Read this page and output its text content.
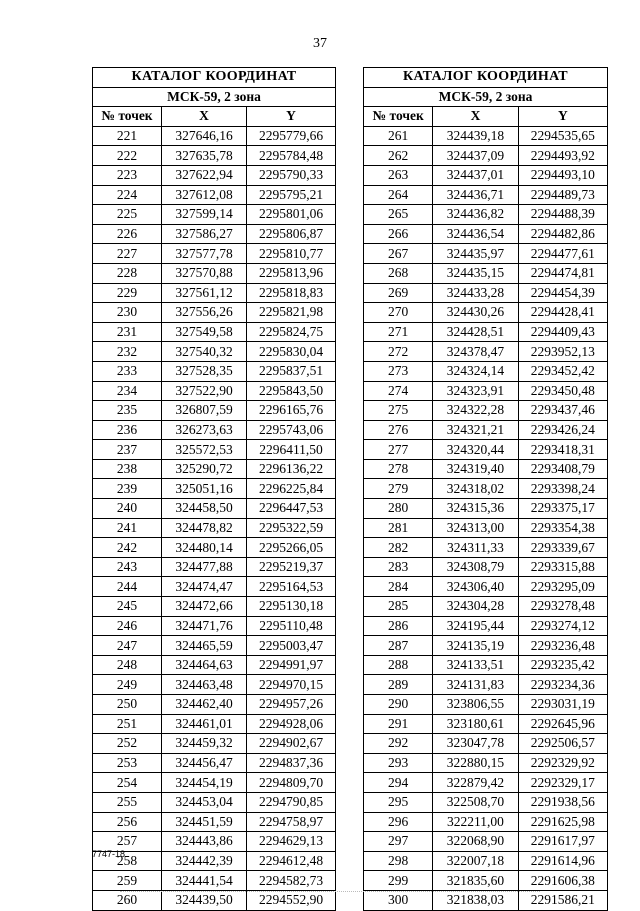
37
КАТАЛОГ КООРДИНАТ		
МСК-59, 2 зона		
№ точек	X	Y
221	327646,16	2295779,66
222	327635,78	2295784,48
223	327622,94	2295790,33
224	327612,08	2295795,21
225	327599,14	2295801,06
226	327586,27	2295806,87
227	327577,78	2295810,77
228	327570,88	2295813,96
229	327561,12	2295818,83
230	327556,26	2295821,98
231	327549,58	2295824,75
232	327540,32	2295830,04
233	327528,35	2295837,51
234	327522,90	2295843,50
235	326807,59	2296165,76
236	326273,63	2295743,06
237	325572,53	2296411,50
238	325290,72	2296136,22
239	325051,16	2296225,84
240	324458,50	2296447,53
241	324478,82	2295322,59
242	324480,14	2295266,05
243	324477,88	2295219,37
244	324474,47	2295164,53
245	324472,66	2295130,18
246	324471,76	2295110,48
247	324465,59	2295003,47
248	324464,63	2294991,97
249	324463,48	2294970,15
250	324462,40	2294957,26
251	324461,01	2294928,06
252	324459,32	2294902,67
253	324456,47	2294837,36
254	324454,19	2294809,70
255	324453,04	2294790,85
256	324451,59	2294758,97
257	324443,86	2294629,13
258	324442,39	2294612,48
259	324441,54	2294582,73
260	324439,50	2294552,90
КАТАЛОГ КООРДИНАТ		
МСК-59, 2 зона		
№ точек	X	Y
261	324439,18	2294535,65
262	324437,09	2294493,92
263	324437,01	2294493,10
264	324436,71	2294489,73
265	324436,82	2294488,39
266	324436,54	2294482,86
267	324435,97	2294477,61
268	324435,15	2294474,81
269	324433,28	2294454,39
270	324430,26	2294428,41
271	324428,51	2294409,43
272	324378,47	2293952,13
273	324324,14	2293452,42
274	324323,91	2293450,48
275	324322,28	2293437,46
276	324321,21	2293426,24
277	324320,44	2293418,31
278	324319,40	2293408,79
279	324318,02	2293398,24
280	324315,36	2293375,17
281	324313,00	2293354,38
282	324311,33	2293339,67
283	324308,79	2293315,88
284	324306,40	2293295,09
285	324304,28	2293278,48
286	324195,44	2293274,12
287	324135,19	2293236,48
288	324133,51	2293235,42
289	324131,83	2293234,36
290	323806,55	2293031,19
291	323180,61	2292645,96
292	323047,78	2292506,57
293	322880,15	2292329,92
294	322879,42	2292329,17
295	322508,70	2291938,56
296	322211,00	2291625,98
297	322068,90	2291617,97
298	322007,18	2291614,96
299	321835,60	2291606,38
300	321838,03	2291586,21
7747-18
